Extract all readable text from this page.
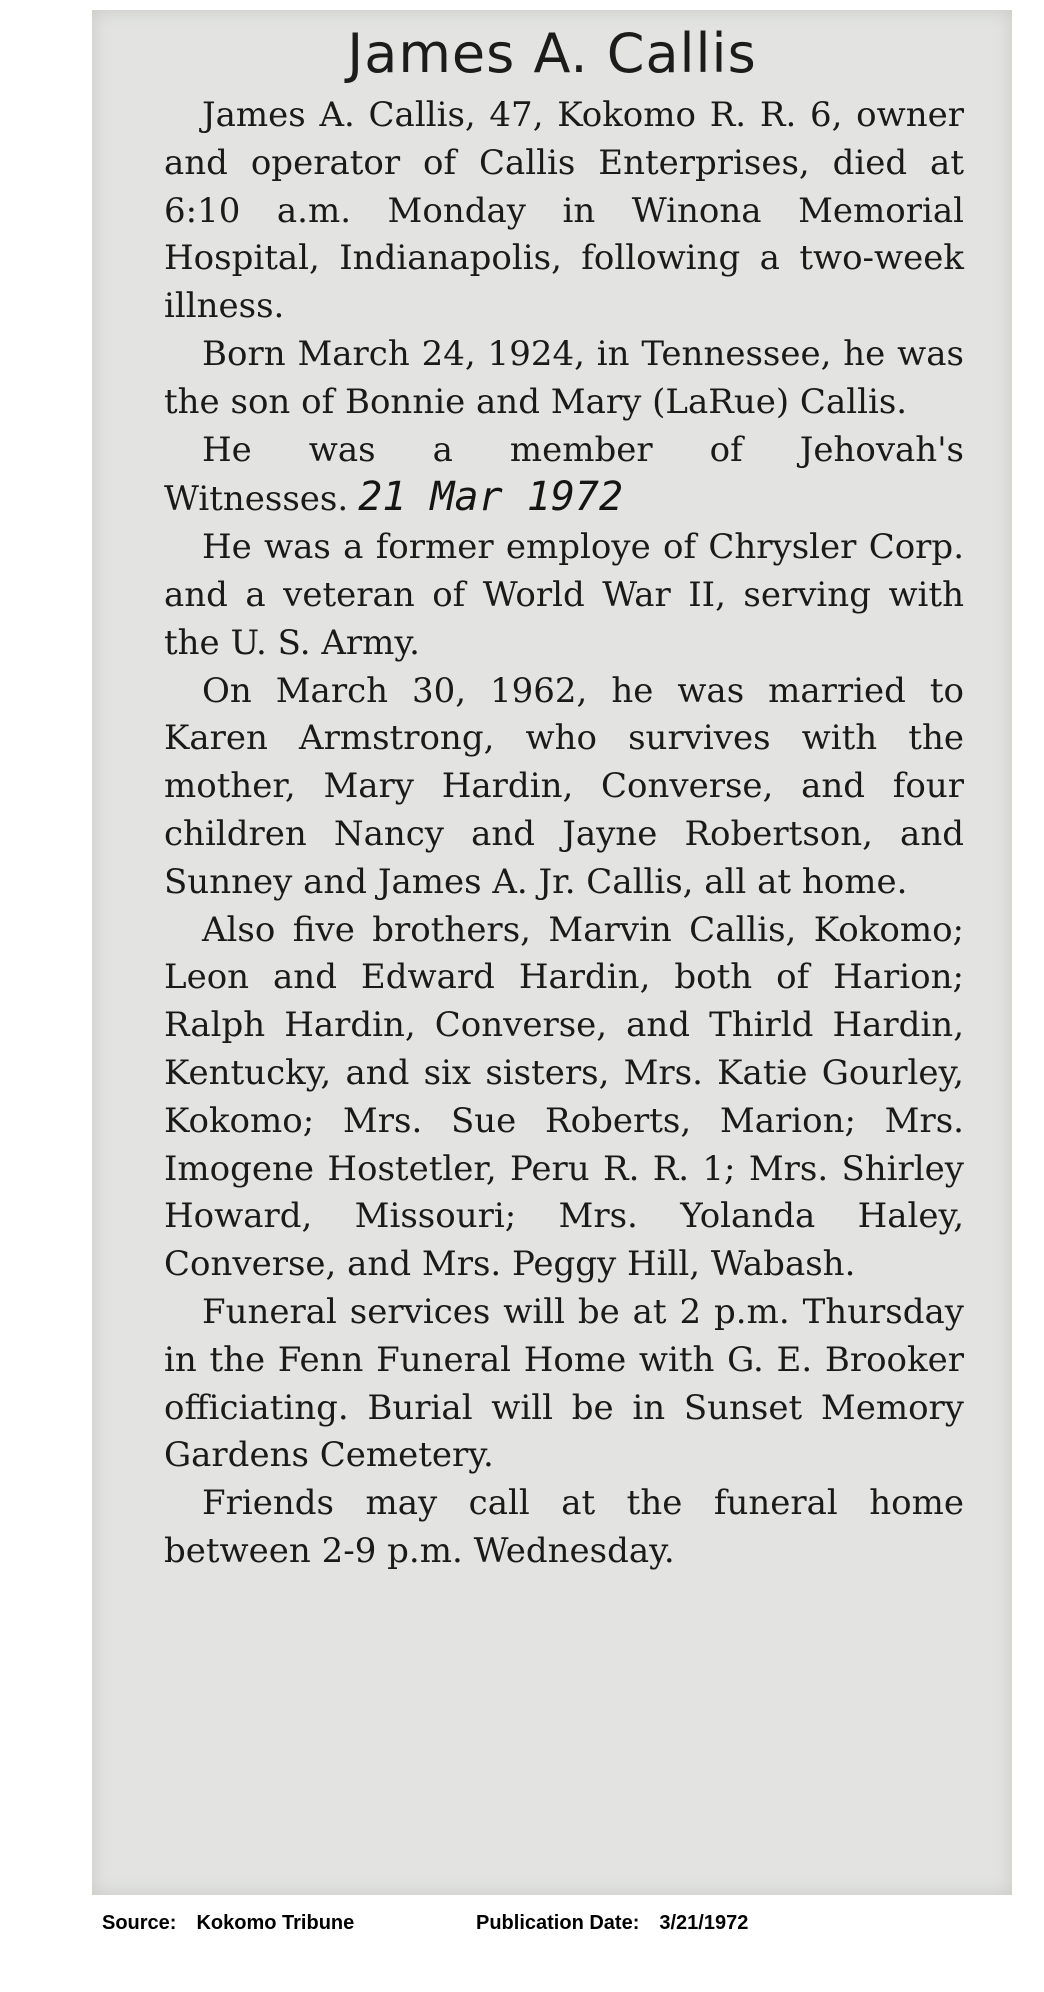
James A. Callis

James A. Callis, 47, Kokomo R. R. 6, owner and operator of Callis Enterprises, died at 6:10 a.m. Monday in Winona Memorial Hospital, Indianapolis, following a two-week illness.

Born March 24, 1924, in Tennessee, he was the son of Bonnie and Mary (LaRue) Callis.

He was a member of Jehovah's Witnesses. 21 Mar 1972

He was a former employe of Chrysler Corp. and a veteran of World War II, serving with the U. S. Army.

On March 30, 1962, he was married to Karen Armstrong, who survives with the mother, Mary Hardin, Converse, and four children Nancy and Jayne Robertson, and Sunney and James A. Jr. Callis, all at home.

Also five brothers, Marvin Callis, Kokomo; Leon and Edward Hardin, both of Harion; Ralph Hardin, Converse, and Thirld Hardin, Kentucky, and six sisters, Mrs. Katie Gourley, Kokomo; Mrs. Sue Roberts, Marion; Mrs. Imogene Hostetler, Peru R. R. 1; Mrs. Shirley Howard, Missouri; Mrs. Yolanda Haley, Converse, and Mrs. Peggy Hill, Wabash.

Funeral services will be at 2 p.m. Thursday in the Fenn Funeral Home with G. E. Brooker officiating. Burial will be in Sunset Memory Gardens Cemetery.

Friends may call at the funeral home between 2-9 p.m. Wednesday.

Source: Kokomo Tribune	Publication Date: 3/21/1972
